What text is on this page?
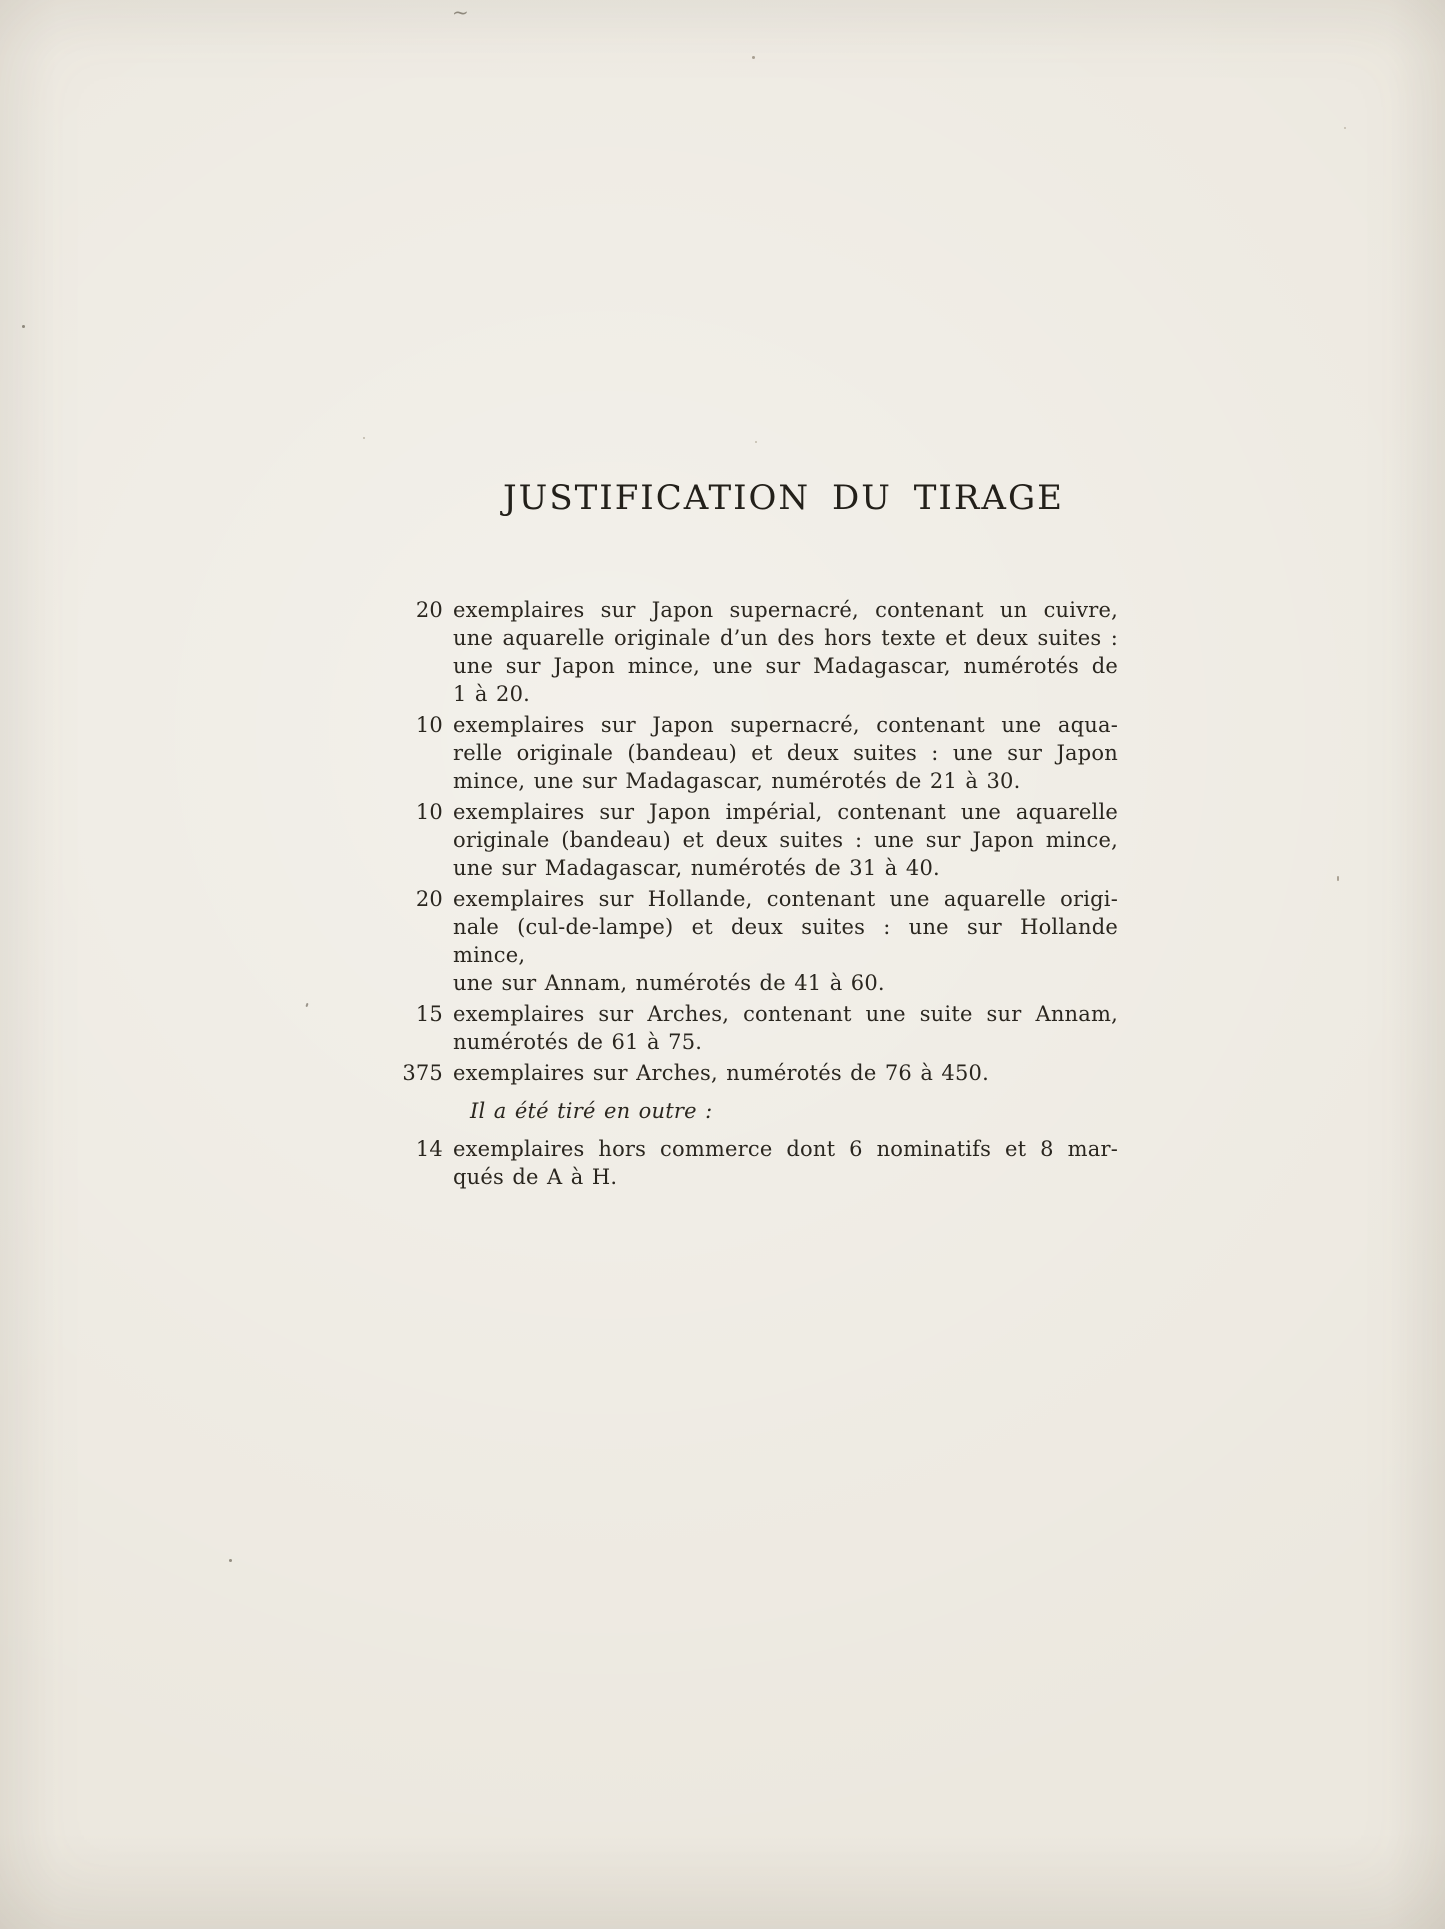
~
JUSTIFICATION DU TIRAGE
20 exemplaires sur Japon supernacré, contenant un cuivre,
une aquarelle originale d’un des hors texte et deux suites :
une sur Japon mince, une sur Madagascar, numérotés de
1 à 20.
10 exemplaires sur Japon supernacré, contenant une aqua-
relle originale (bandeau) et deux suites : une sur Japon
mince, une sur Madagascar, numérotés de 21 à 30.
10 exemplaires sur Japon impérial, contenant une aquarelle
originale (bandeau) et deux suites : une sur Japon mince,
une sur Madagascar, numérotés de 31 à 40.
20 exemplaires sur Hollande, contenant une aquarelle origi-
nale (cul-de-lampe) et deux suites : une sur Hollande mince,
une sur Annam, numérotés de 41 à 60.
15 exemplaires sur Arches, contenant une suite sur Annam,
numérotés de 61 à 75.
375 exemplaires sur Arches, numérotés de 76 à 450.
Il a été tiré en outre :
14 exemplaires hors commerce dont 6 nominatifs et 8 mar-
qués de A à H.
